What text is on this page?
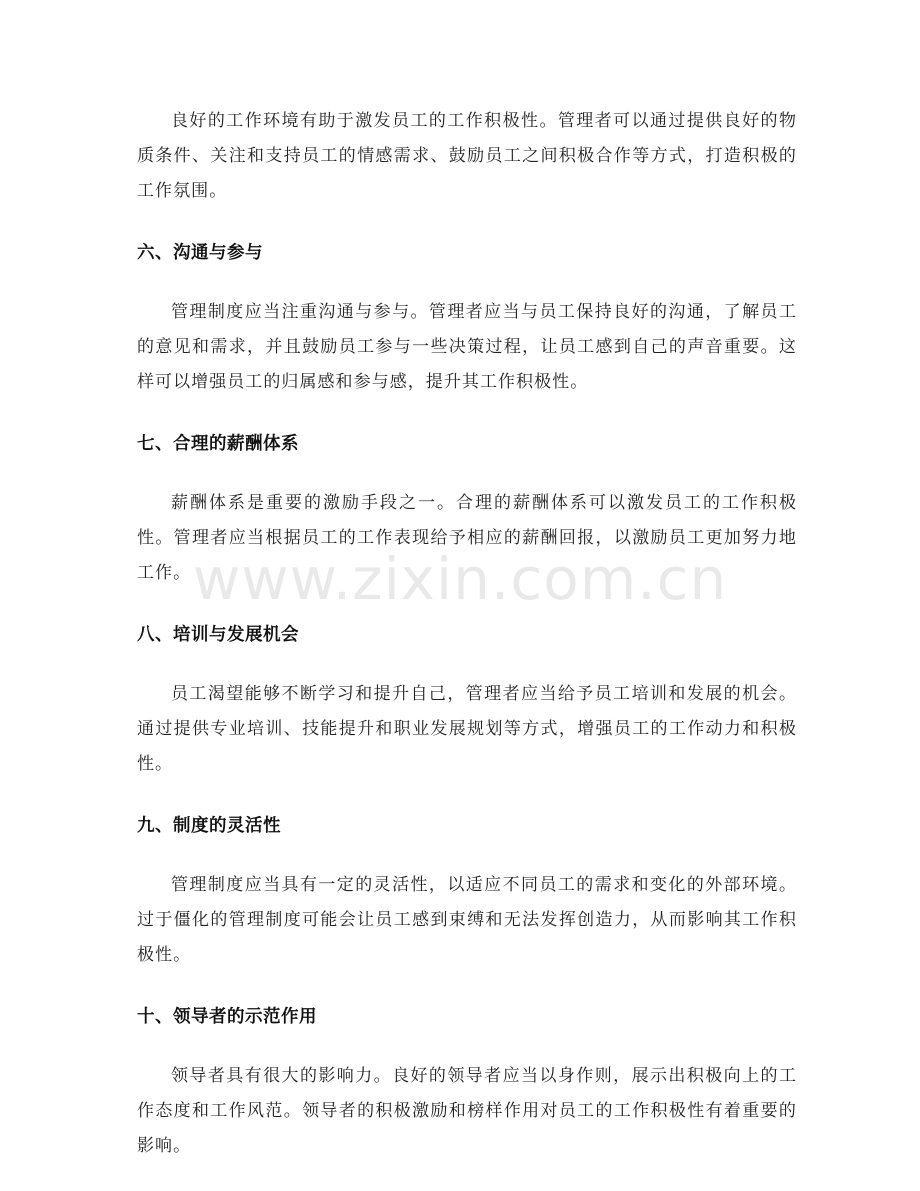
良好的工作环境有助于激发员工的工作积极性。管理者可以通过提供良好的物质条件、关注和支持员工的情感需求、鼓励员工之间积极合作等方式，打造积极的工作氛围。

六、沟通与参与

管理制度应当注重沟通与参与。管理者应当与员工保持良好的沟通，了解员工的意见和需求，并且鼓励员工参与一些决策过程，让员工感到自己的声音重要。这样可以增强员工的归属感和参与感，提升其工作积极性。

七、合理的薪酬体系

薪酬体系是重要的激励手段之一。合理的薪酬体系可以激发员工的工作积极性。管理者应当根据员工的工作表现给予相应的薪酬回报，以激励员工更加努力地工作。

八、培训与发展机会

员工渴望能够不断学习和提升自己，管理者应当给予员工培训和发展的机会。通过提供专业培训、技能提升和职业发展规划等方式，增强员工的工作动力和积极性。

九、制度的灵活性

管理制度应当具有一定的灵活性，以适应不同员工的需求和变化的外部环境。过于僵化的管理制度可能会让员工感到束缚和无法发挥创造力，从而影响其工作积极性。

十、领导者的示范作用

领导者具有很大的影响力。良好的领导者应当以身作则，展示出积极向上的工作态度和工作风范。领导者的积极激励和榜样作用对员工的工作积极性有着重要的影响。

www.zixin.com.cn
